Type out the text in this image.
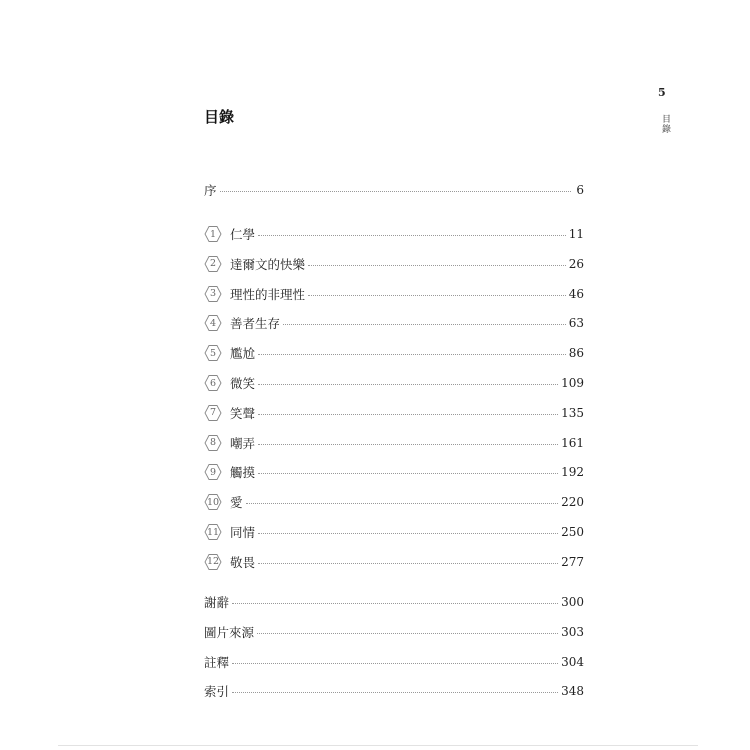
5
目錄
目錄
序	6
1 仁學	11
2 達爾文的快樂	26
3 理性的非理性	46
4 善者生存	63
5 尷尬	86
6 微笑	109
7 笑聲	135
8 嘲弄	161
9 觸摸	192
10 愛	220
11 同情	250
12 敬畏	277
謝辭	300
圖片來源	303
註釋	304
索引	348
